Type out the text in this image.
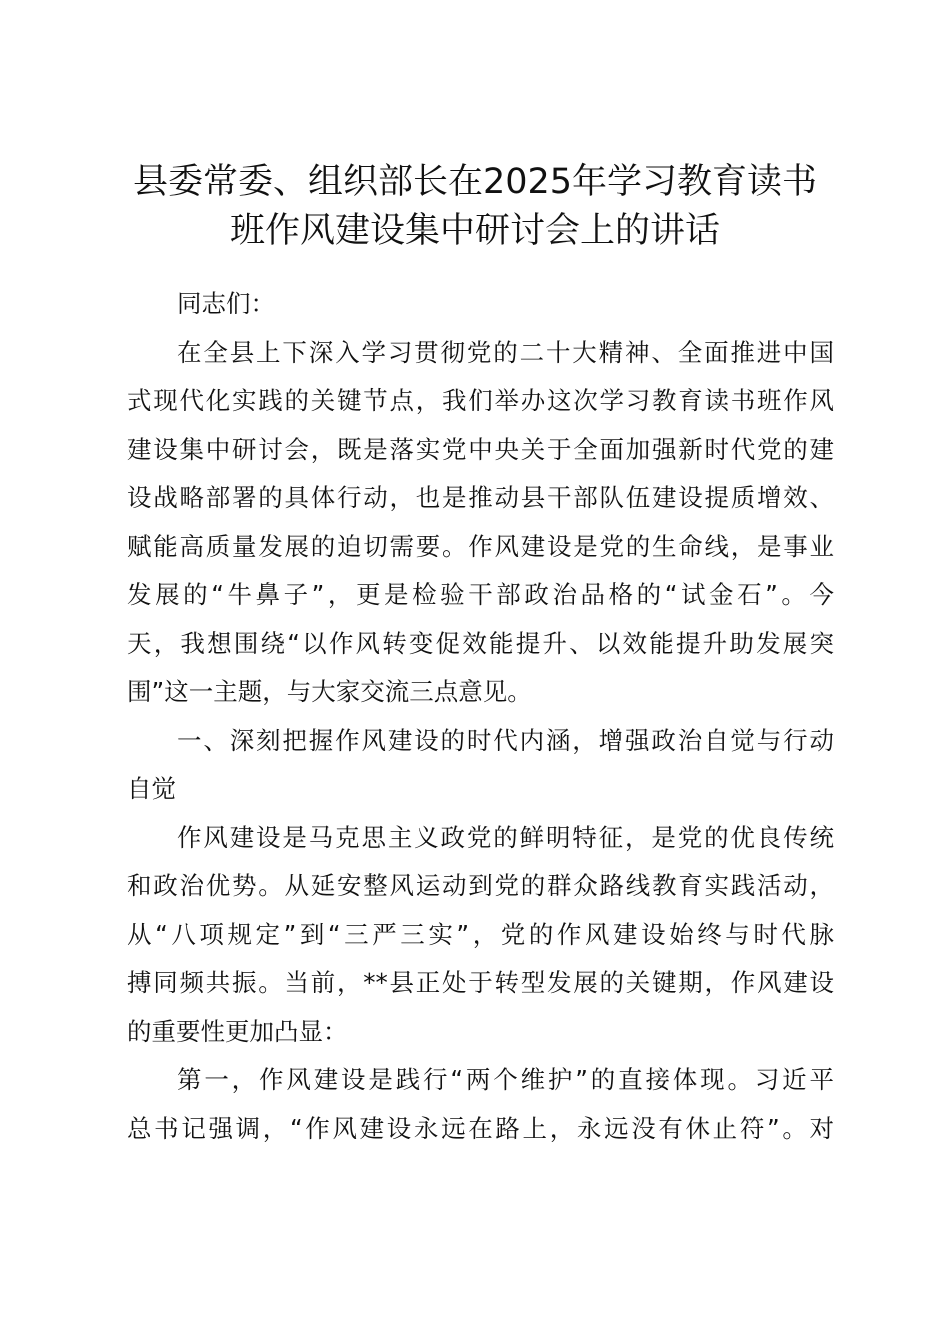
县委常委、组织部长在2025年学习教育读书
班作风建设集中研讨会上的讲话
同志们：
在全县上下深入学习贯彻党的二十大精神、全面推进中国
式现代化实践的关键节点，我们举办这次学习教育读书班作风
建设集中研讨会，既是落实党中央关于全面加强新时代党的建
设战略部署的具体行动，也是推动县干部队伍建设提质增效、
赋能高质量发展的迫切需要。作风建设是党的生命线，是事业
发展的“牛鼻子”，更是检验干部政治品格的“试金石”。今
天，我想围绕“以作风转变促效能提升、以效能提升助发展突
围”这一主题，与大家交流三点意见。
一、深刻把握作风建设的时代内涵，增强政治自觉与行动
自觉
作风建设是马克思主义政党的鲜明特征，是党的优良传统
和政治优势。从延安整风运动到党的群众路线教育实践活动，
从“八项规定”到“三严三实”，党的作风建设始终与时代脉
搏同频共振。当前，**县正处于转型发展的关键期，作风建设
的重要性更加凸显：
第一，作风建设是践行“两个维护”的直接体现。习近平
总书记强调，“作风建设永远在路上，永远没有休止符”。对
